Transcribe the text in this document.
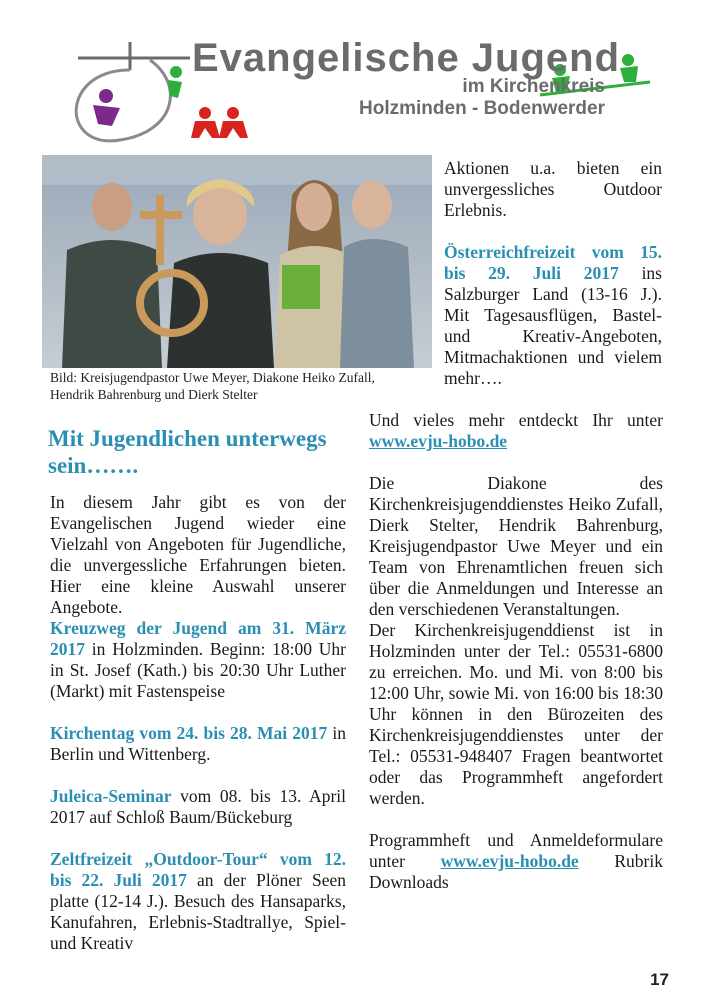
Evangelische Jugend
im Kirchenkreis
Holzminden - Bodenwerder
Bild: Kreisjugendpastor Uwe Meyer, Diakone Heiko Zufall, Hendrik Bahrenburg und Dierk Stelter

Aktionen u.a. bieten ein unvergessliches Outdoor Erlebnis.

Österreichfreizeit vom 15. bis 29. Juli 2017 ins Salzburger Land (13-16 J.). Mit Tagesausflügen, Bastel- und Kreativ-Angeboten, Mitmachaktionen und vielem mehr….

Mit Jugendlichen unterwegs sein…….

In diesem Jahr gibt es von der Evangelischen Jugend wieder eine Vielzahl von Angeboten für Jugendliche, die unvergessliche Erfahrungen bieten. Hier eine kleine Auswahl unserer Angebote.

Kreuzweg der Jugend am 31. März 2017 in Holzminden. Beginn: 18:00 Uhr in St. Josef (Kath.) bis 20:30 Uhr Luther (Markt) mit Fastenspeise

Kirchentag vom 24. bis 28. Mai 2017 in Berlin und Wittenberg.

Juleica-Seminar vom 08. bis 13. April 2017 auf Schloß Baum/Bückeburg

Zeltfreizeit „Outdoor-Tour“ vom 12. bis 22. Juli 2017 an der Plöner Seen platte (12-14 J.). Besuch des Hansaparks, Kanufahren, Erlebnis-Stadtrallye, Spiel- und Kreativ

Und vieles mehr entdeckt Ihr unter www.evju-hobo.de

Die Diakone des Kirchenkreisjugenddienstes Heiko Zufall, Dierk Stelter, Hendrik Bahrenburg, Kreisjugendpastor Uwe Meyer und ein Team von Ehrenamtlichen freuen sich über die Anmeldungen und Interesse an den verschiedenen Veranstaltungen.

Der Kirchenkreisjugenddienst ist in Holzminden unter der Tel.: 05531-6800 zu erreichen. Mo. und Mi. von 8:00 bis 12:00 Uhr, sowie Mi. von 16:00 bis 18:30 Uhr können in den Bürozeiten des Kirchenkreisjugenddienstes unter der Tel.: 05531-948407 Fragen beantwortet oder das Programmheft angefordert werden.

Programmheft und Anmeldeformulare unter www.evju-hobo.de Rubrik Downloads

17
